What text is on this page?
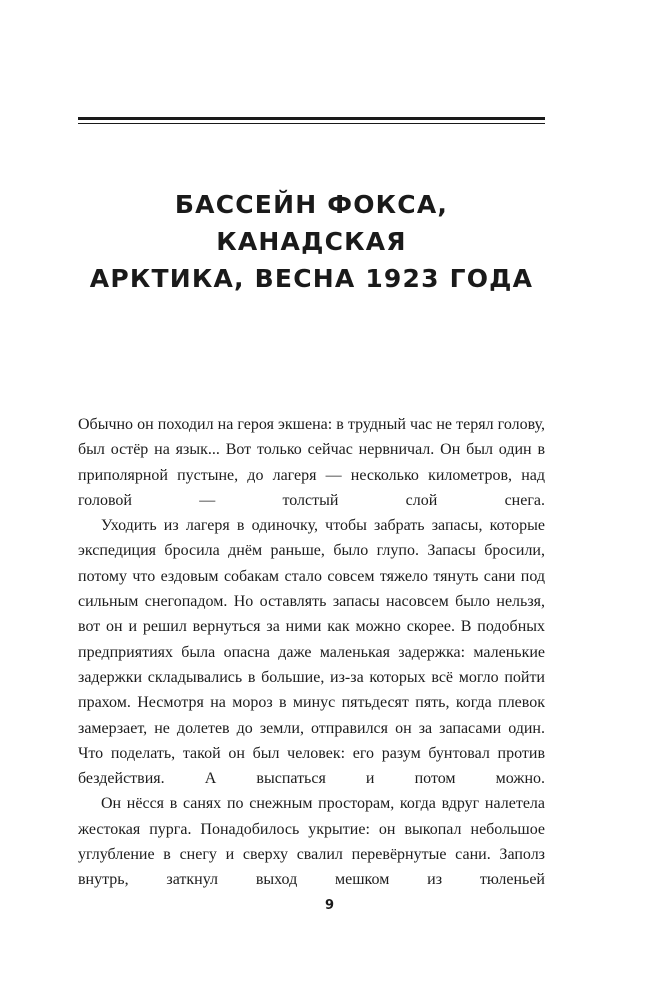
БАССЕЙН ФОКСА, КАНАДСКАЯ
АРКТИКА, ВЕСНА 1923 ГОДА

Обычно он походил на героя экшена: в трудный час не терял голову, был остёр на язык... Вот только сейчас нервничал. Он был один в приполярной пустыне, до лагеря — несколько километров, над головой — толстый слой снега.

Уходить из лагеря в одиночку, чтобы забрать запасы, которые экспедиция бросила днём раньше, было глупо. Запасы бросили, потому что ездовым собакам стало совсем тяжело тянуть сани под сильным снегопадом. Но оставлять запасы насовсем было нельзя, вот он и решил вернуться за ними как можно скорее. В подобных предприятиях была опасна даже маленькая задержка: маленькие задержки складывались в большие, из-за которых всё могло пойти прахом. Несмотря на мороз в минус пятьдесят пять, когда плевок замерзает, не долетев до земли, отправился он за запасами один. Что поделать, такой он был человек: его разум бунтовал против бездействия. А выспаться и потом можно.

Он нёсся в санях по снежным просторам, когда вдруг налетела жестокая пурга. Понадобилось укрытие: он выкопал небольшое углубление в снегу и сверху свалил перевёрнутые сани. Заполз внутрь, заткнул выход мешком из тюленьей

9
